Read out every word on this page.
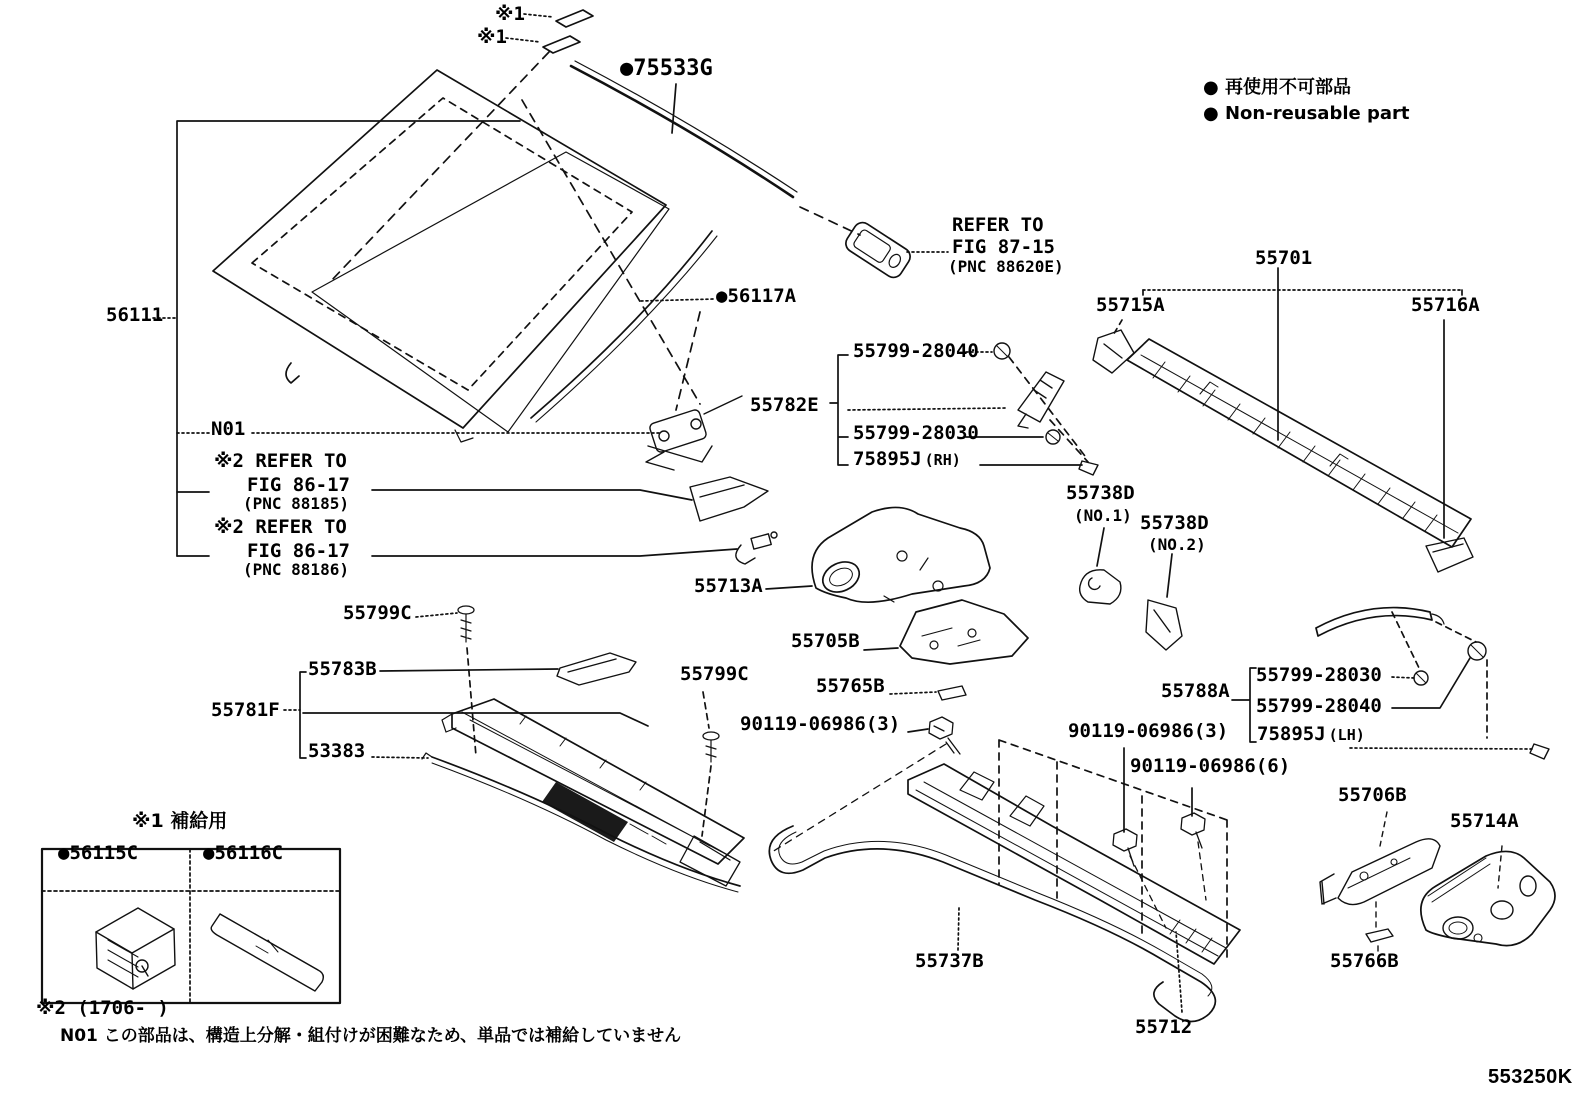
※1
※1
●75533G
● 再使用不可部品
● Non-reusable part
REFER TO
FIG 87-15
(PNC 88620E)	55701
55715A	55716A
56111
●56117A
55799-28040
55782E
55799-28030
75895J (RH)
N01
※2 REFER TO
FIG 86-17
(PNC 88185)
※2 REFER TO
FIG 86-17
(PNC 88186)
55738D
(NO.1) 55738D
(NO.2)
55713A
55799C
55783B
55781F
53383
55799C
55705B
55765B
90119-06986(3)	90119-06986(3)
90119-06986(6)
55788A
55799-28030
55799-28040
75895J (LH)
55706B
55714A
55766B
55737B
55712
※1 補給用
●56115C	●56116C
※2 (1706- )
N01 この部品は、構造上分解・組付けが困難なため、単品では補給していません
553250K
